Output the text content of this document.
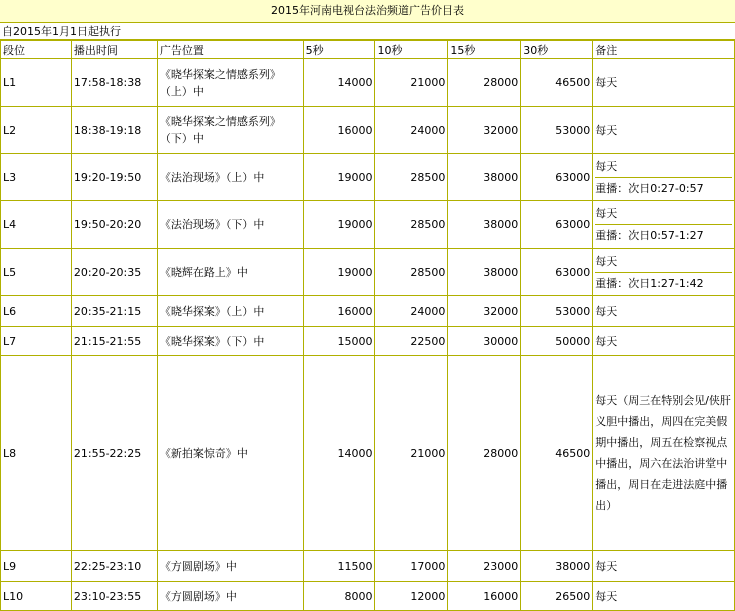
2015年河南电视台法治频道广告价目表
自2015年1月1日起执行
段位	播出时间	广告位置	5秒	10秒	15秒	30秒	备注
L1	17:58-18:38	《晓华探案之情感系列》（上）中	14000	21000	28000	46500	每天

L2	18:38-19:18	《晓华探案之情感系列》（下）中	16000	24000	32000	53000	每天

L3	19:20-19:50	《法治现场》（上）中	19000	28500	38000	63000	每天
重播：次日0:27-0:57

L4	19:50-20:20	《法治现场》（下）中	19000	28500	38000	63000	每天
重播：次日0:57-1:27

L5	20:20-20:35	《晓辉在路上》中	19000	28500	38000	63000	每天
重播：次日1:27-1:42

L6	20:35-21:15	《晓华探案》（上）中	16000	24000	32000	53000	每天

L7	21:15-21:55	《晓华探案》（下）中	15000	22500	30000	50000	每天

L8	21:55-22:25	《新拍案惊奇》中	14000	21000	28000	46500	每天（周三在特别会见/侠肝义胆中播出，周四在完美假期中播出，周五在检察视点中播出，周六在法治讲堂中播出，周日在走进法庭中播出）

L9	22:25-23:10	《方圆剧场》中	11500	17000	23000	38000	每天

L10	23:10-23:55	《方圆剧场》中	8000	12000	16000	26500	每天
